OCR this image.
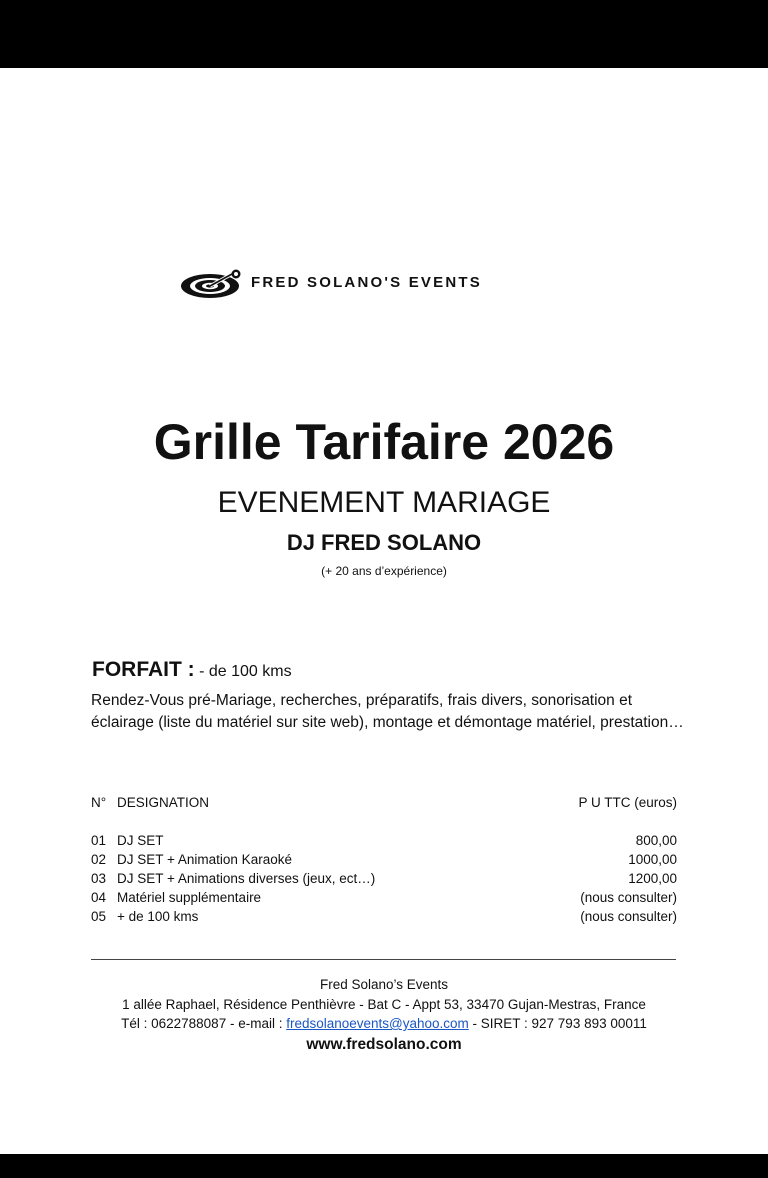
FRED SOLANO'S EVENTS
Grille Tarifaire 2026
EVENEMENT MARIAGE
DJ FRED SOLANO
(+ 20 ans d’expérience)
FORFAIT : - de 100 kms
Rendez-Vous pré-Mariage, recherches, préparatifs, frais divers, sonorisation et éclairage (liste du matériel sur site web), montage et démontage matériel, prestation…
N° DESIGNATION	P U TTC (euros)
01 DJ SET	800,00
02 DJ SET + Animation Karaoké	1000,00
03 DJ SET + Animations diverses (jeux, ect…)	1200,00
04 Matériel supplémentaire	(nous consulter)
05 + de 100 kms	(nous consulter)
Fred Solano’s Events
1 allée Raphael, Résidence Penthièvre - Bat C - Appt 53, 33470 Gujan-Mestras, France
Tél : 0622788087 - e-mail : fredsolanoevents@yahoo.com - SIRET : 927 793 893 00011
www.fredsolano.com
